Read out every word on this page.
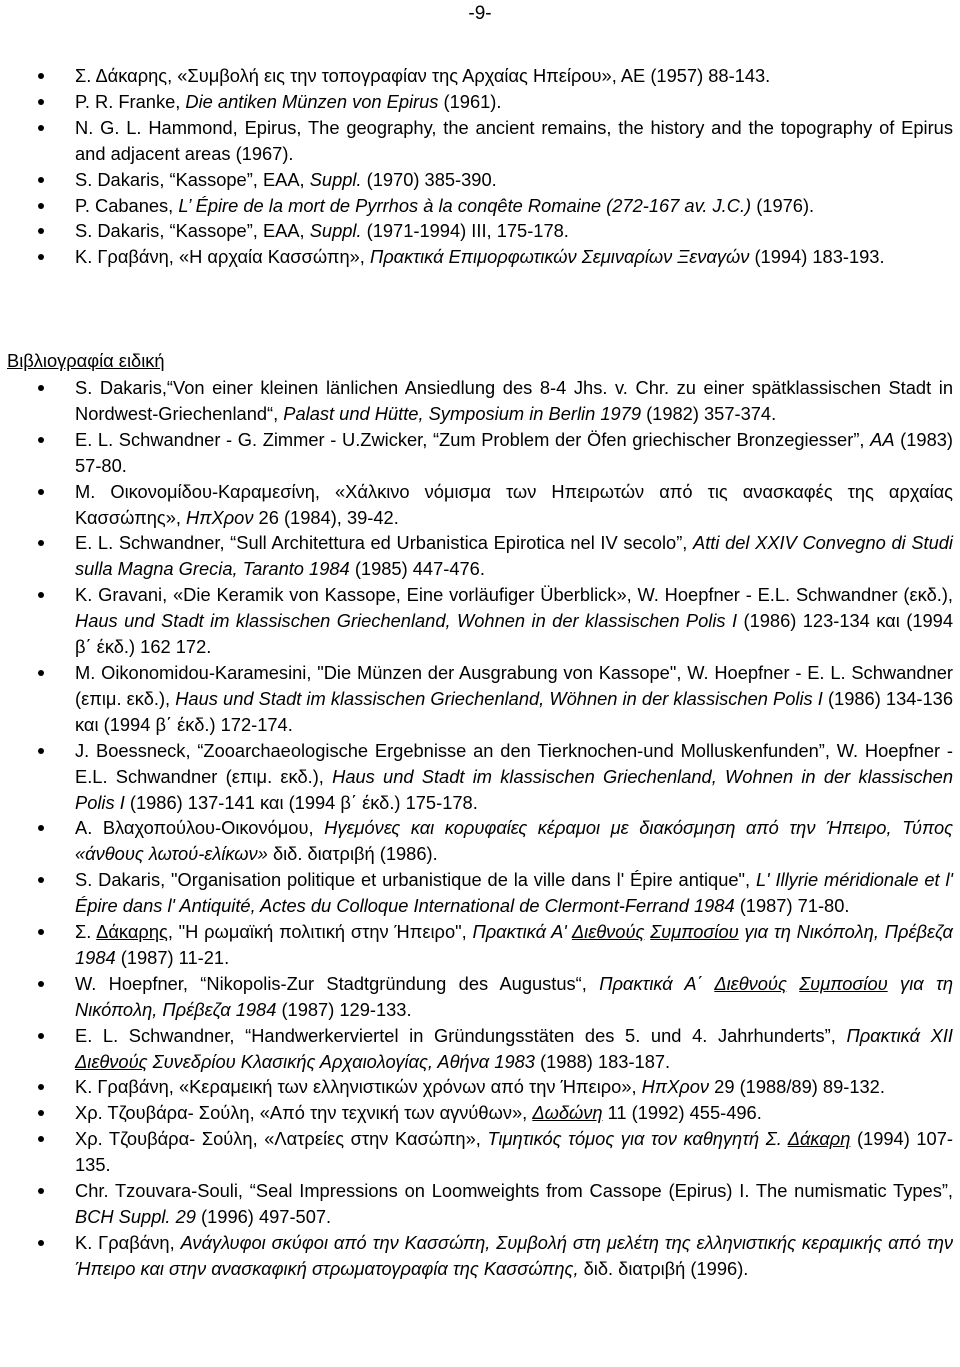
-9-
Σ. Δάκαρης, «Συμβολή εις την τοπογραφίαν της Αρχαίας Ηπείρου», ΑΕ (1957) 88-143.
P. R. Franke, Die antiken Münzen von Epirus (1961).
N. G. L. Hammond, Epirus, The geography, the ancient remains, the history and the topography of Epirus and adjacent areas (1967).
S. Dakaris, “Kassope”, EAA, Suppl. (1970) 385-390.
P. Cabanes, L’ Épire de la mort de Pyrrhos à la conqête Romaine (272-167 av. J.C.) (1976).
S. Dakaris, “Kassope”, EAA, Suppl. (1971-1994) III, 175-178.
Κ. Γραβάνη, «Η αρχαία Κασσώπη», Πρακτικά Επιμορφωτικών Σεμιναρίων Ξεναγών (1994) 183-193.
Βιβλιογραφία ειδική
S. Dakaris,“Von einer kleinen länlichen Ansiedlung des 8-4 Jhs. v. Chr. zu einer spätklassischen Stadt in Nordwest-Griechenland“, Palast und Hütte, Symposium in Berlin 1979 (1982) 357-374.
E. L. Schwandner - G. Zimmer - U.Zwicker, “Zum Problem der Öfen griechischer Bronzegiesser”, AA (1983) 57-80.
Μ. Οικονομίδου-Καραμεσίνη, «Χάλκινο νόμισμα των Ηπειρωτών από τις ανασκαφές της αρχαίας Κασσώπης», ΗπΧρον 26 (1984), 39-42.
E. L. Schwandner, “Sull Architettura ed Urbanistica Epirotica nel IV secolo”, Atti del XXIV Convegno di Studi sulla Magna Grecia, Taranto 1984 (1985) 447-476.
K. Gravani, «Die Keramik von Kassope, Eine vorläufiger Überblick», W. Hoepfner - E.L. Schwandner (εκδ.), Haus und Stadt im klassischen Griechenland, Wohnen in der klassischen Polis I (1986) 123-134 και (1994 β΄ έκδ.) 162 172.
M. Oikonomidou-Karamesini, "Die Münzen der Ausgrabung von Kassope", W. Hoepfner - E. L. Schwandner (επιμ. εκδ.), Haus und Stadt im klassischen Griechenland, Wöhnen in der klassischen Polis I (1986) 134-136 και (1994 β΄ έκδ.) 172-174.
J. Boessneck, “Zooarchaeologische Ergebnisse an den Tierknochen-und Molluskenfunden”, W. Hoepfner - E.L. Schwandner (επιμ. εκδ.), Haus und Stadt im klassischen Griechenland, Wohnen in der klassischen Polis I (1986) 137-141 και (1994 β΄ έκδ.) 175-178.
Α. Βλαχοπούλου-Οικονόμου, Ηγεμόνες και κορυφαίες κέραμοι με διακόσμηση από την Ήπειρο, Τύπος «άνθους λωτού-ελίκων» διδ. διατριβή (1986).
S. Dakaris, "Organisation politique et urbanistique de la ville dans l' Épire antique", L' Illyrie méridionale et l' Épire dans l' Antiquité, Actes du Colloque International de Clermont-Ferrand 1984 (1987) 71-80.
Σ. Δάκαρης, "Η ρωμαϊκή πολιτική στην Ήπειρο", Πρακτικά Α' Διεθνούς Συμποσίου για τη Νικόπολη, Πρέβεζα 1984 (1987) 11-21.
W. Hoepfner, “Nikopolis-Zur Stadtgründung des Augustus“, Πρακτικά Α΄ Διεθνούς Συμποσίου για τη Νικόπολη, Πρέβεζα 1984 (1987) 129-133.
E. L. Schwandner, “Handwerkerviertel in Gründungsstäten des 5. und 4. Jahrhunderts”, Πρακτικά XII Διεθνούς Συνεδρίου Κλασικής Αρχαιολογίας, Αθήνα 1983 (1988) 183-187.
Κ. Γραβάνη, «Κεραμεική των ελληνιστικών χρόνων από την Ήπειρο», ΗπΧρον 29 (1988/89) 89-132.
Χρ. Τζουβάρα- Σούλη, «Από την τεχνική των αγνύθων», Δωδώνη 11 (1992) 455-496.
Χρ. Τζουβάρα- Σούλη, «Λατρείες στην Κασώπη», Τιμητικός τόμος για τον καθηγητή Σ. Δάκαρη (1994) 107-135.
Chr. Tzouvara-Souli, “Seal Impressions on Loomweights from Cassope (Epirus) I. The numismatic Types”, BCH Suppl. 29 (1996) 497-507.
Κ. Γραβάνη, Ανάγλυφοι σκύφοι από την Κασσώπη, Συμβολή στη μελέτη της ελληνιστικής κεραμικής από την Ήπειρο και στην ανασκαφική στρωματογραφία της Κασσώπης, διδ. διατριβή (1996).
